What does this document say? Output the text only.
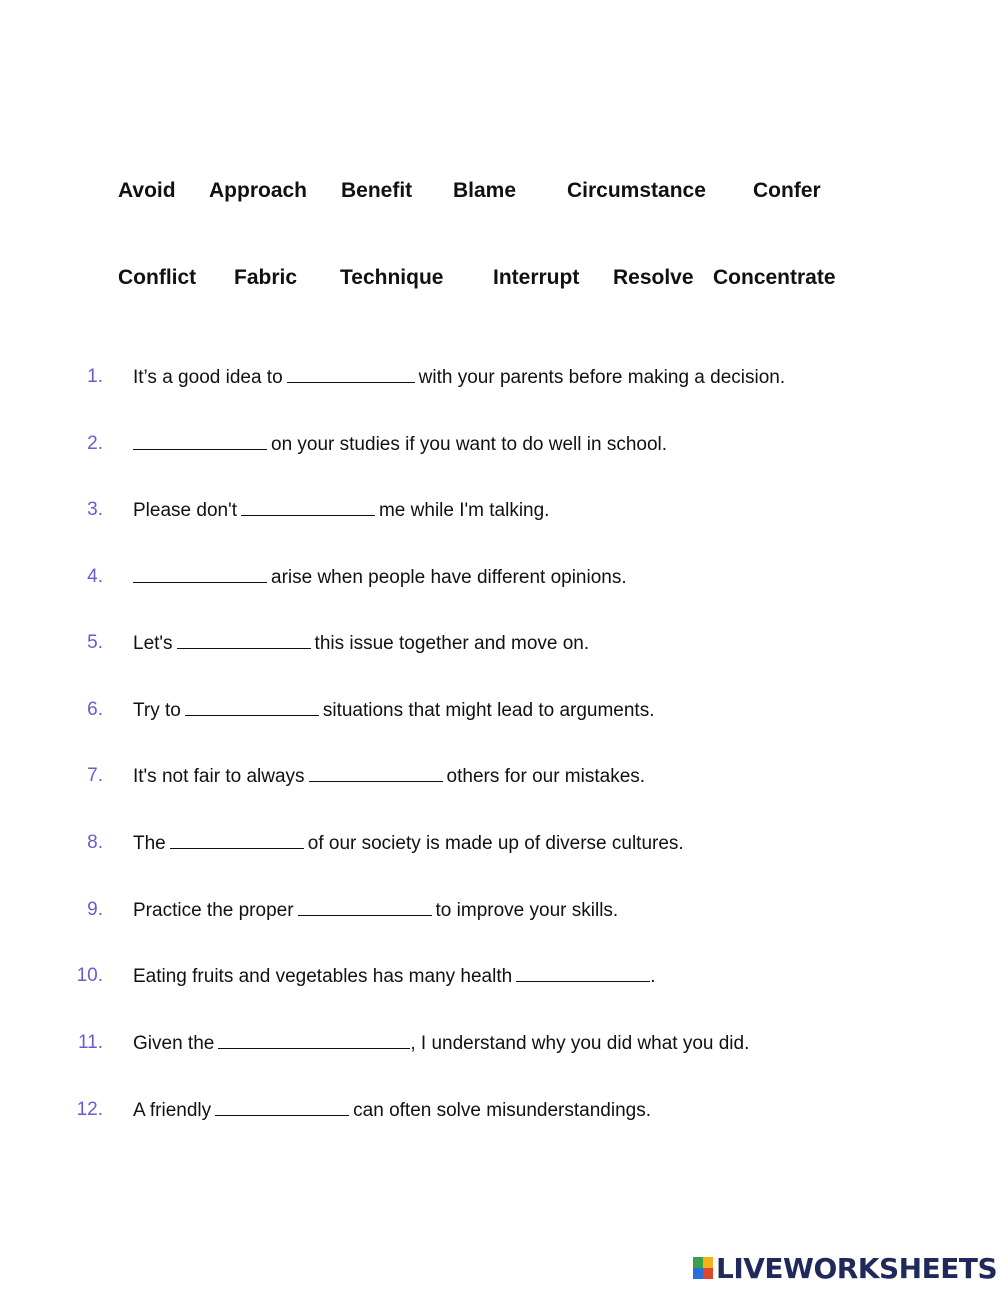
Avoid Approach Benefit Blame Circumstance Confer
Conflict Fabric Technique Interrupt Resolve Concentrate
1. It’s a good idea to	with your parents before making a decision.
2.	on your studies if you want to do well in school.
3. Please don't	me while I'm talking.
4.	arise when people have different opinions.
5. Let's	this issue together and move on.
6. Try to	situations that might lead to arguments.
7. It's not fair to always	others for our mistakes.
8. The	of our society is made up of diverse cultures.
9. Practice the proper	to improve your skills.
10. Eating fruits and vegetables has many health	.
11. Given the	, I understand why you did what you did.
12. A friendly	can often solve misunderstandings.
LIVEWORKSHEETS
